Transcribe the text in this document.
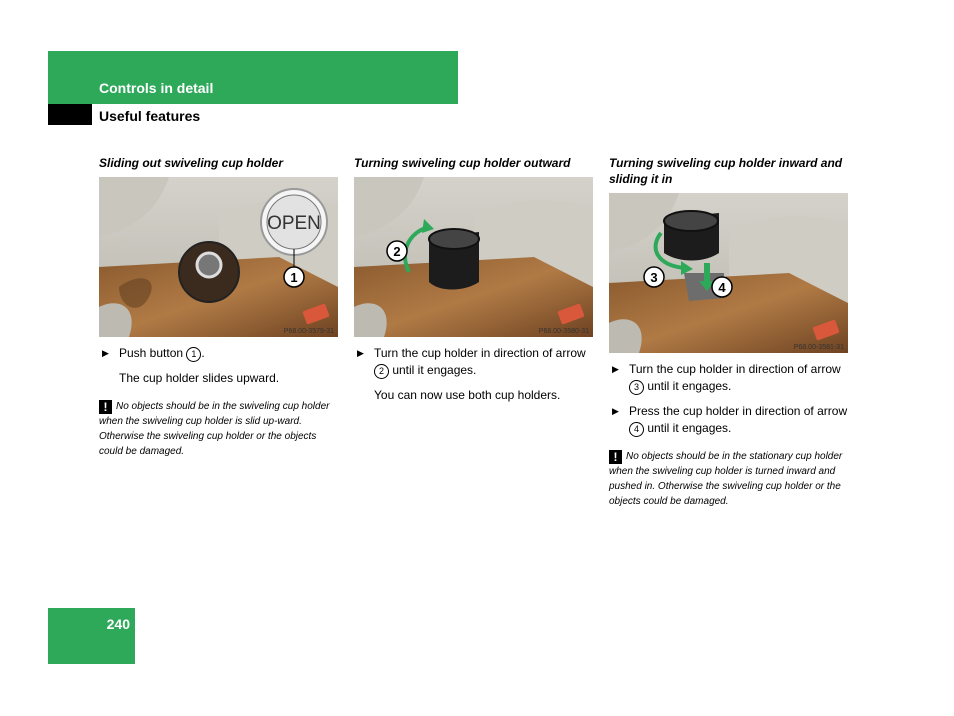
Controls in detail
Useful features

Sliding out swiveling cup holder

OPEN
1
P68.00-3579-31

▶ Push button 1 .

The cup holder slides upward.

! No objects should be in the swiveling cup holder when the swiveling cup holder is slid up-ward. Otherwise the swiveling cup holder or the objects could be damaged.

Turning swiveling cup holder outward

2
P68.00-3580-31

▶ Turn the cup holder in direction of arrow 2 until it engages.

You can now use both cup holders.

Turning swiveling cup holder inward and sliding it in

3
4
P68.00-3581-31

▶ Turn the cup holder in direction of arrow 3 until it engages.

▶ Press the cup holder in direction of arrow 4 until it engages.

! No objects should be in the stationary cup holder when the swiveling cup holder is turned inward and pushed in. Otherwise the swiveling cup holder or the objects could be damaged.

240
